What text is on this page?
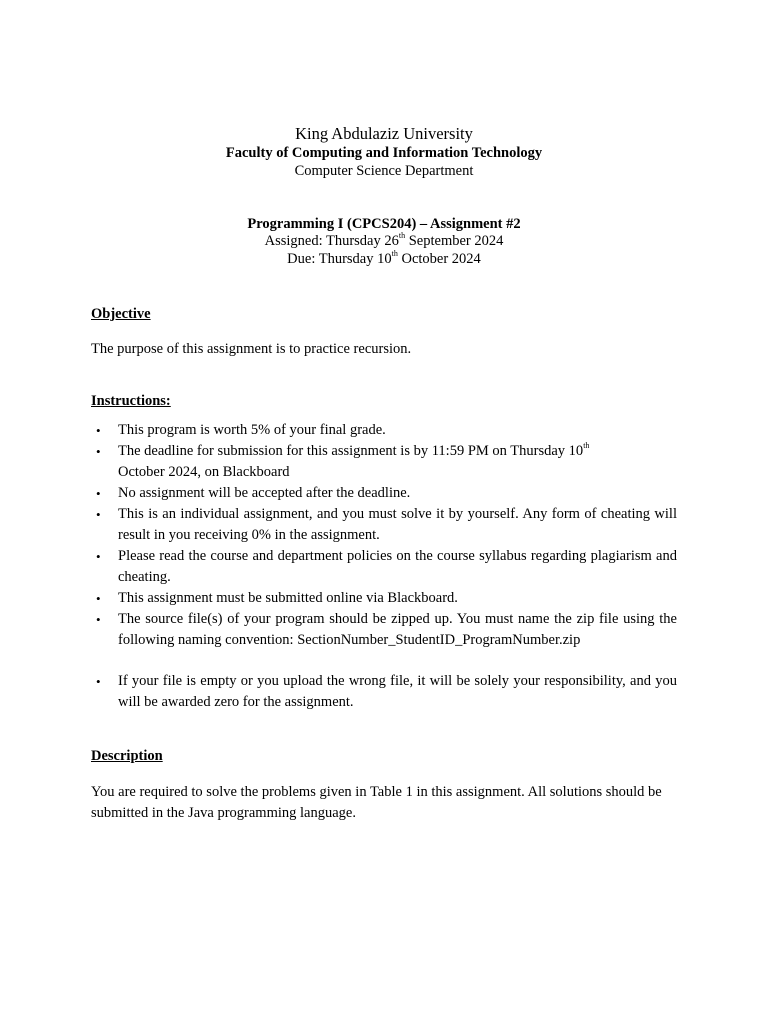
King Abdulaziz University
Faculty of Computing and Information Technology
Computer Science Department
Programming I (CPCS204) – Assignment #2
Assigned: Thursday 26th September 2024
Due: Thursday 10th October 2024
Objective
The purpose of this assignment is to practice recursion.
Instructions:
• This program is worth 5% of your final grade.
• The deadline for submission for this assignment is by 11:59 PM on Thursday 10th
October 2024, on Blackboard
• No assignment will be accepted after the deadline.
• This is an individual assignment, and you must solve it by yourself. Any form of cheating will result in you receiving 0% in the assignment.
• Please read the course and department policies on the course syllabus regarding plagiarism and cheating.
• This assignment must be submitted online via Blackboard.
• The source file(s) of your program should be zipped up. You must name the zip file using the following naming convention: SectionNumber_StudentID_ProgramNumber.zip
• If your file is empty or you upload the wrong file, it will be solely your responsibility, and you will be awarded zero for the assignment.
Description
You are required to solve the problems given in Table 1 in this assignment. All solutions should be submitted in the Java programming language.
